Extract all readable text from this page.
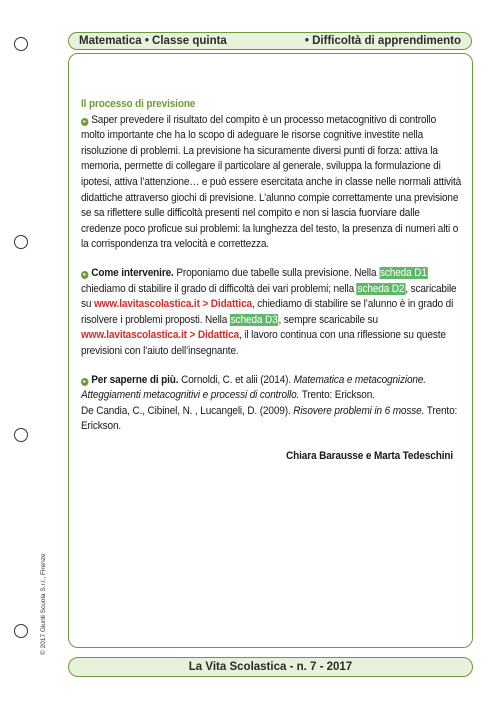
Matematica • Classe quinta	• Difficoltà di apprendimento
Il processo di previsione

▸ Saper prevedere il risultato del compito è un processo metacognitivo di controllo molto importante che ha lo scopo di adeguare le risorse cognitive investite nella risoluzione di problemi. La previsione ha sicuramente diversi punti di forza: attiva la memoria, permette di collegare il particolare al generale, sviluppa la formulazione di ipotesi, attiva l’attenzione… e può essere esercitata anche in classe nelle normali attività didattiche attraverso giochi di previsione. L’alunno compie correttamente una previsione se sa riflettere sulle difficoltà presenti nel compito e non si lascia fuorviare dalle credenze poco proficue sui problemi: la lunghezza del testo, la presenza di numeri alti o la corrispondenza tra velocità e correttezza.

▸ Come intervenire. Proponiamo due tabelle sulla previsione. Nella scheda D1 chiediamo di stabilire il grado di difficoltà dei vari problemi; nella scheda D2, scaricabile su www.lavitascolastica.it > Didattica, chiediamo di stabilire se l’alunno è in grado di risolvere i problemi proposti. Nella scheda D3, sempre scaricabile su www.lavitascolastica.it > Didattica, il lavoro continua con una riflessione su queste previsioni con l’aiuto dell’insegnante.

▸ Per saperne di più. Cornoldi, C. et alii (2014). Matematica e metacognizione. Atteggiamenti metacognitivi e processi di controllo. Trento: Erickson.
De Candia, C., Cibinel, N. , Lucangeli, D. (2009). Risovere problemi in 6 mosse. Trento: Erickson.

Chiara Barausse e Marta Tedeschini
© 2017 Giunti Scuola S.r.l., Firenze
La Vita Scolastica - n. 7 - 2017
